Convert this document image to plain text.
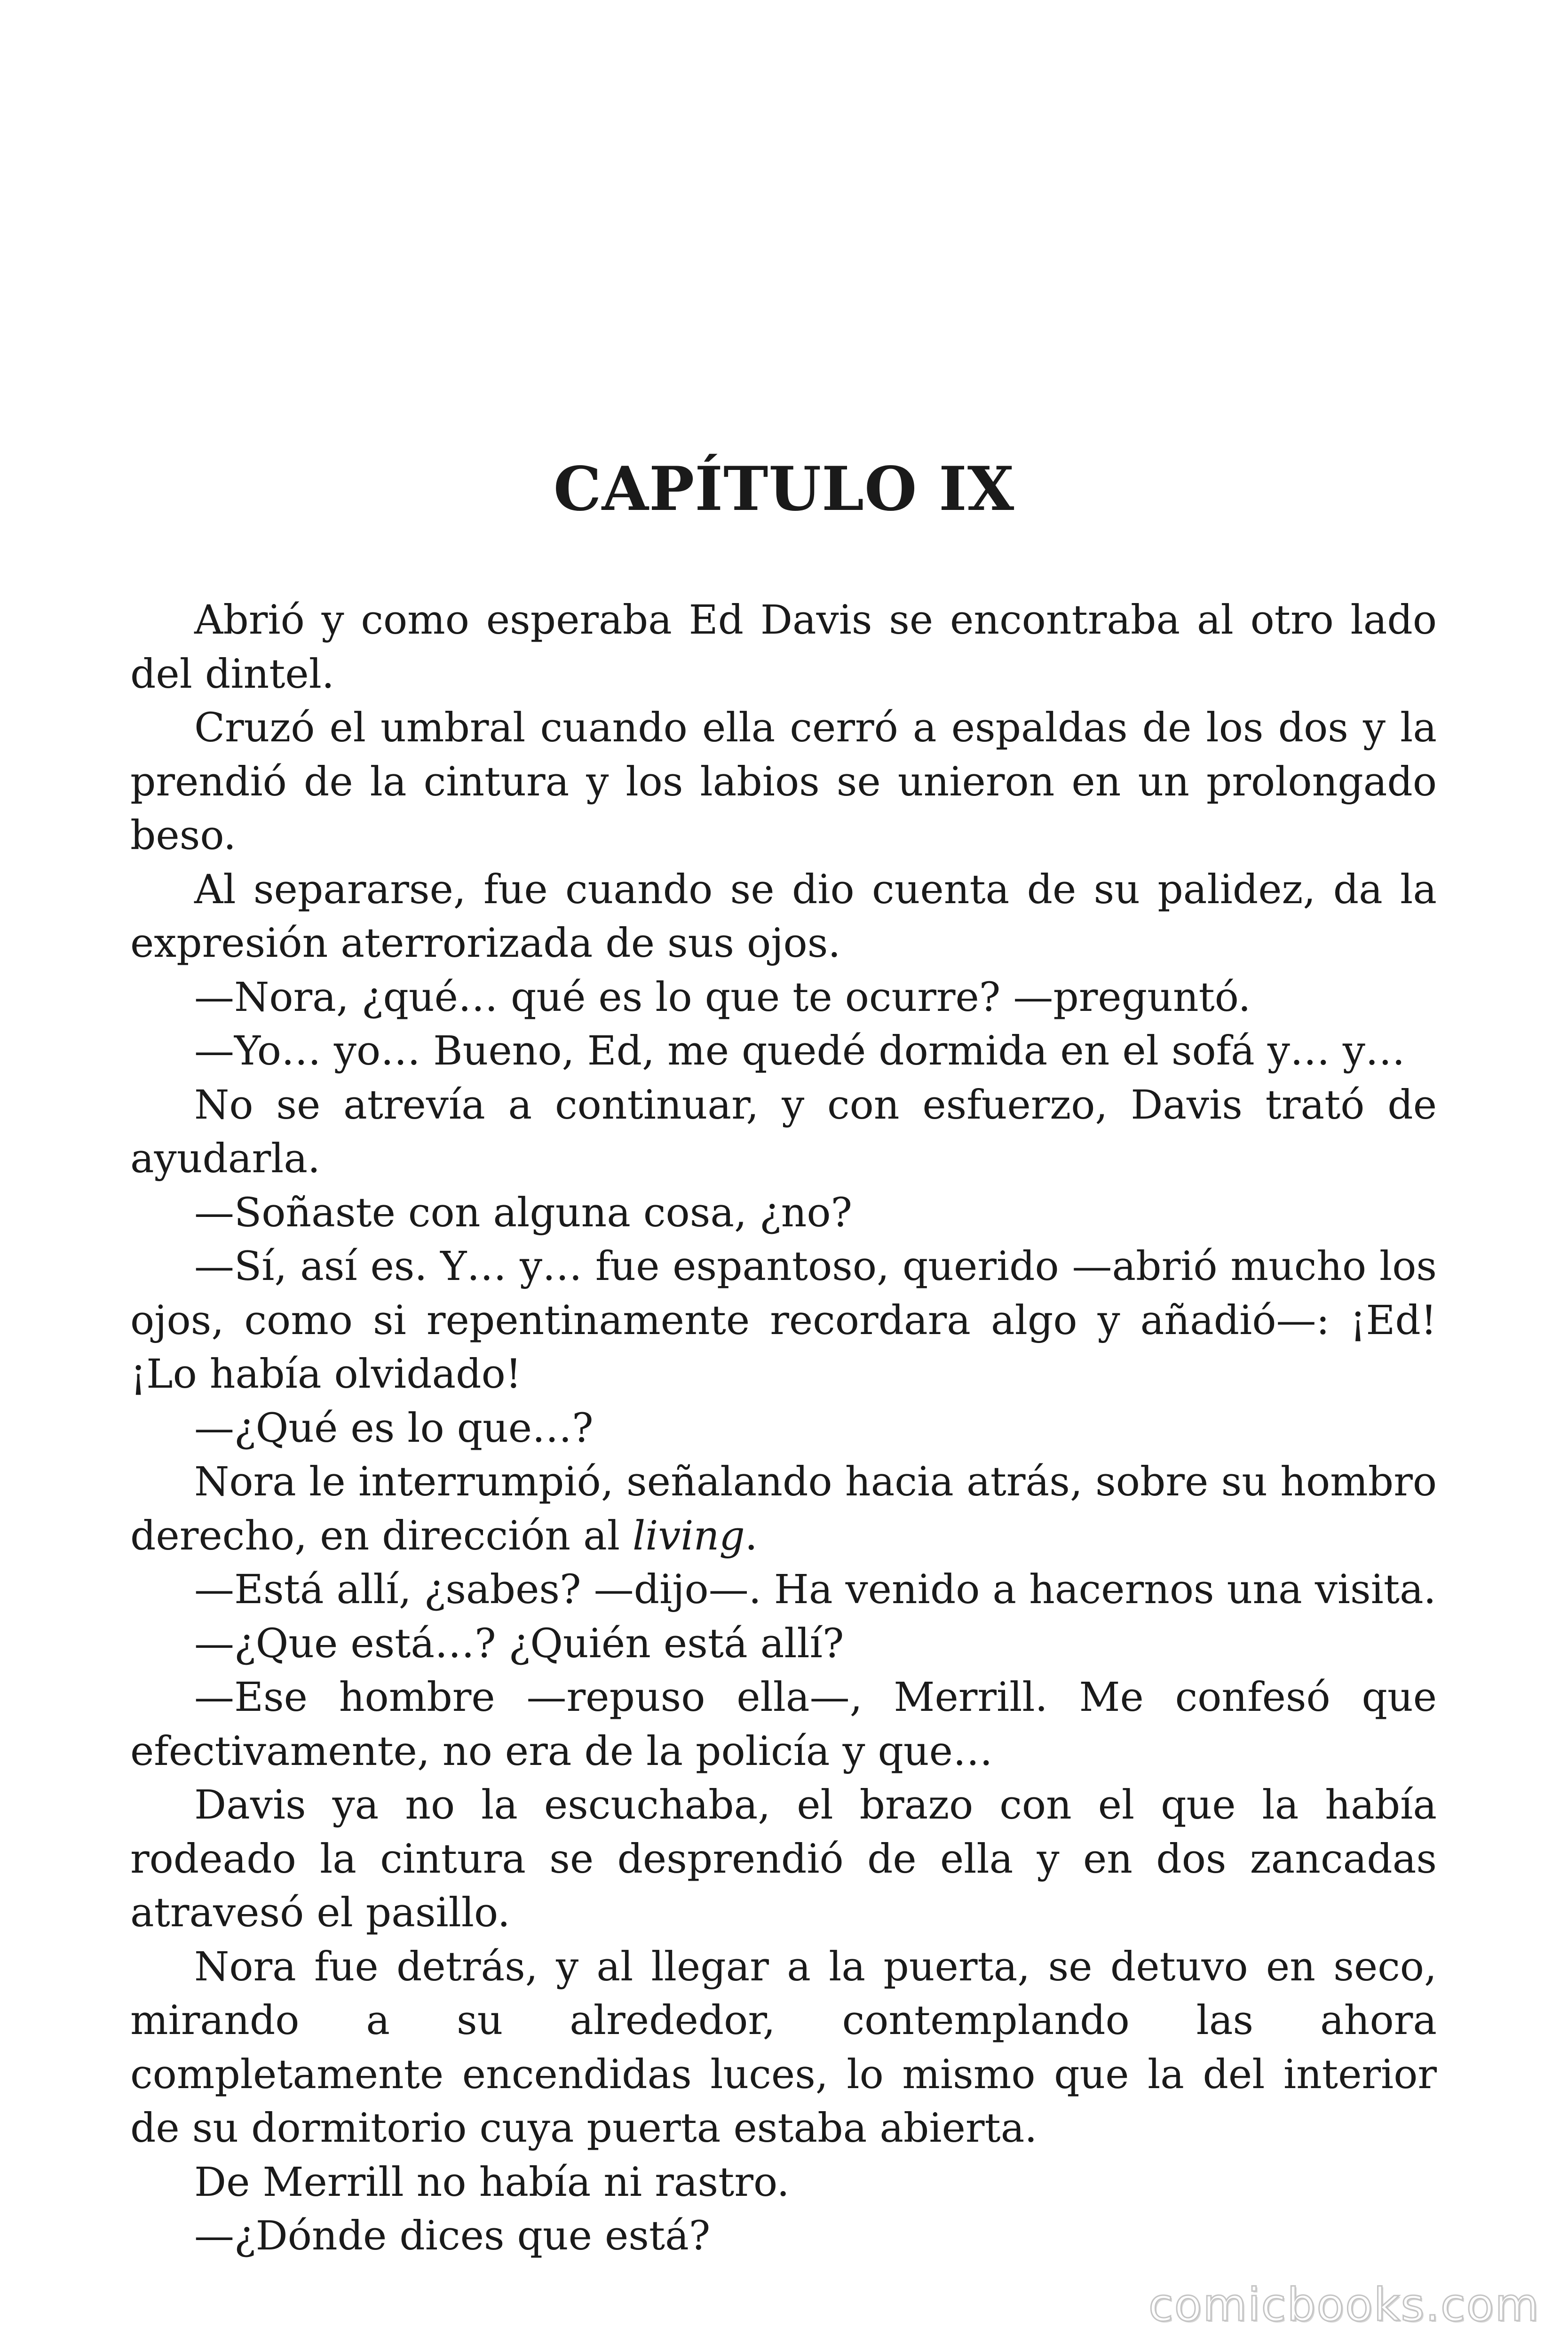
CAPÍTULO IX

Abrió y como esperaba Ed Davis se encontraba al otro lado del dintel.

Cruzó el umbral cuando ella cerró a espaldas de los dos y la prendió de la cintura y los labios se unieron en un prolongado beso.

Al separarse, fue cuando se dio cuenta de su palidez, da la expresión aterrorizada de sus ojos.

—Nora, ¿qué… qué es lo que te ocurre? —preguntó.

—Yo… yo… Bueno, Ed, me quedé dormida en el sofá y… y…

No se atrevía a continuar, y con esfuerzo, Davis trató de ayudarla.

—Soñaste con alguna cosa, ¿no?

—Sí, así es. Y… y… fue espantoso, querido —abrió mucho los ojos, como si repentinamente recordara algo y añadió—: ¡Ed! ¡Lo había olvidado!

—¿Qué es lo que…?

Nora le interrumpió, señalando hacia atrás, sobre su hombro derecho, en dirección al living.

—Está allí, ¿sabes? —dijo—. Ha venido a hacernos una visita.

—¿Que está…? ¿Quién está allí?

—Ese hombre —repuso ella—, Merrill. Me confesó que efectivamente, no era de la policía y que…

Davis ya no la escuchaba, el brazo con el que la había rodeado la cintura se desprendió de ella y en dos zancadas atravesó el pasillo.

Nora fue detrás, y al llegar a la puerta, se detuvo en seco, mirando a su alrededor, contemplando las ahora completamente encendidas luces, lo mismo que la del interior de su dormitorio cuya puerta estaba abierta.

De Merrill no había ni rastro.

—¿Dónde dices que está?

comicbooks.com
